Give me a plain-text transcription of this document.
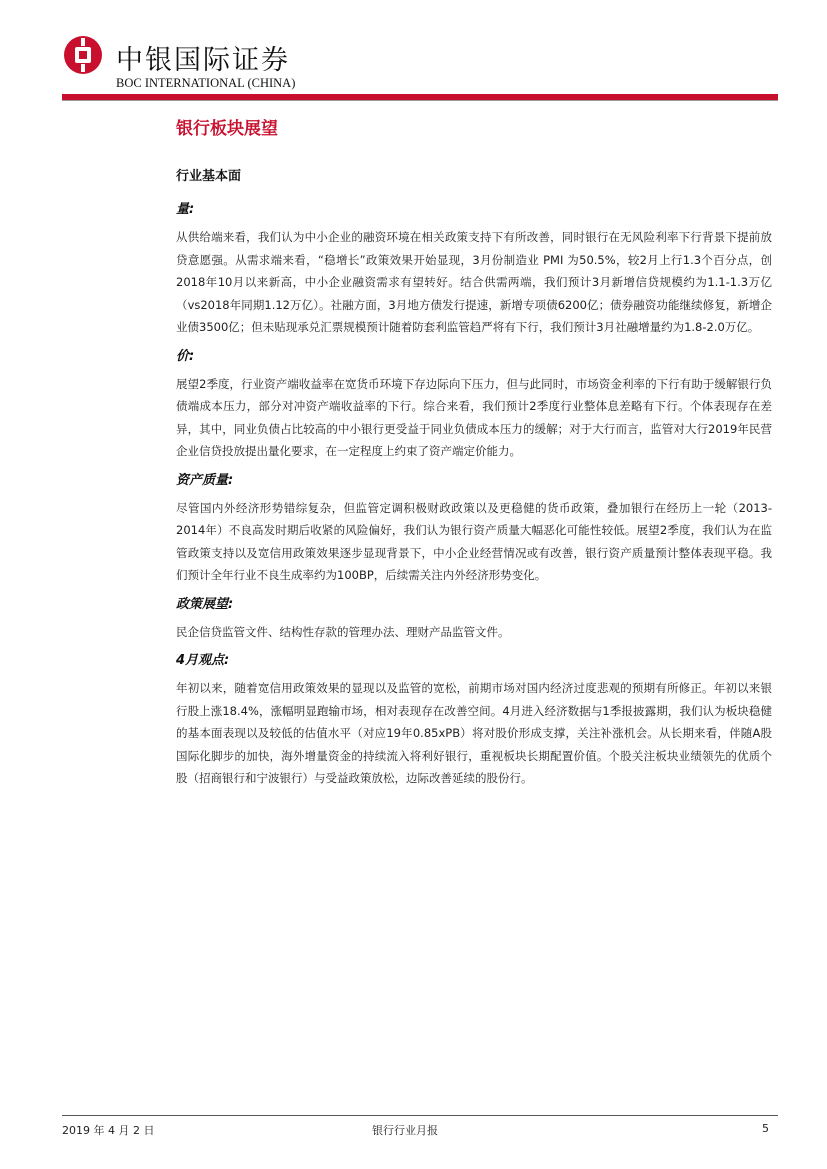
中银国际证券
BOC INTERNATIONAL (CHINA)
银行板块展望
行业基本面
量:

从供给端来看，我们认为中小企业的融资环境在相关政策支持下有所改善，同时银行在无风险利率下行背景下提前放贷意愿强。从需求端来看，“稳增长”政策效果开始显现，3月份制造业 PMI 为50.5%，较2月上行1.3个百分点，创2018年10月以来新高，中小企业融资需求有望转好。结合供需两端，我们预计3月新增信贷规模约为1.1-1.3万亿（vs2018年同期1.12万亿）。社融方面，3月地方债发行提速，新增专项债6200亿；债券融资功能继续修复，新增企业债3500亿；但未贴现承兑汇票规模预计随着防套利监管趋严将有下行，我们预计3月社融增量约为1.8-2.0万亿。

价:

展望2季度，行业资产端收益率在宽货币环境下存边际向下压力，但与此同时，市场资金利率的下行有助于缓解银行负债端成本压力，部分对冲资产端收益率的下行。综合来看，我们预计2季度行业整体息差略有下行。个体表现存在差异，其中，同业负债占比较高的中小银行更受益于同业负债成本压力的缓解；对于大行而言，监管对大行2019年民营企业信贷投放提出量化要求，在一定程度上约束了资产端定价能力。

资产质量:

尽管国内外经济形势错综复杂，但监管定调积极财政政策以及更稳健的货币政策，叠加银行在经历上一轮（2013-2014年）不良高发时期后收紧的风险偏好，我们认为银行资产质量大幅恶化可能性较低。展望2季度，我们认为在监管政策支持以及宽信用政策效果逐步显现背景下，中小企业经营情况或有改善，银行资产质量预计整体表现平稳。我们预计全年行业不良生成率约为100BP，后续需关注内外经济形势变化。

政策展望:

民企信贷监管文件、结构性存款的管理办法、理财产品监管文件。

4月观点:

年初以来，随着宽信用政策效果的显现以及监管的宽松，前期市场对国内经济过度悲观的预期有所修正。年初以来银行股上涨18.4%，涨幅明显跑输市场，相对表现存在改善空间。4月进入经济数据与1季报披露期，我们认为板块稳健的基本面表现以及较低的估值水平（对应19年0.85xPB）将对股价形成支撑，关注补涨机会。从长期来看，伴随A股国际化脚步的加快，海外增量资金的持续流入将利好银行，重视板块长期配置价值。个股关注板块业绩领先的优质个股（招商银行和宁波银行）与受益政策放松，边际改善延续的股份行。

2019 年 4 月 2 日	银行行业月报	5
